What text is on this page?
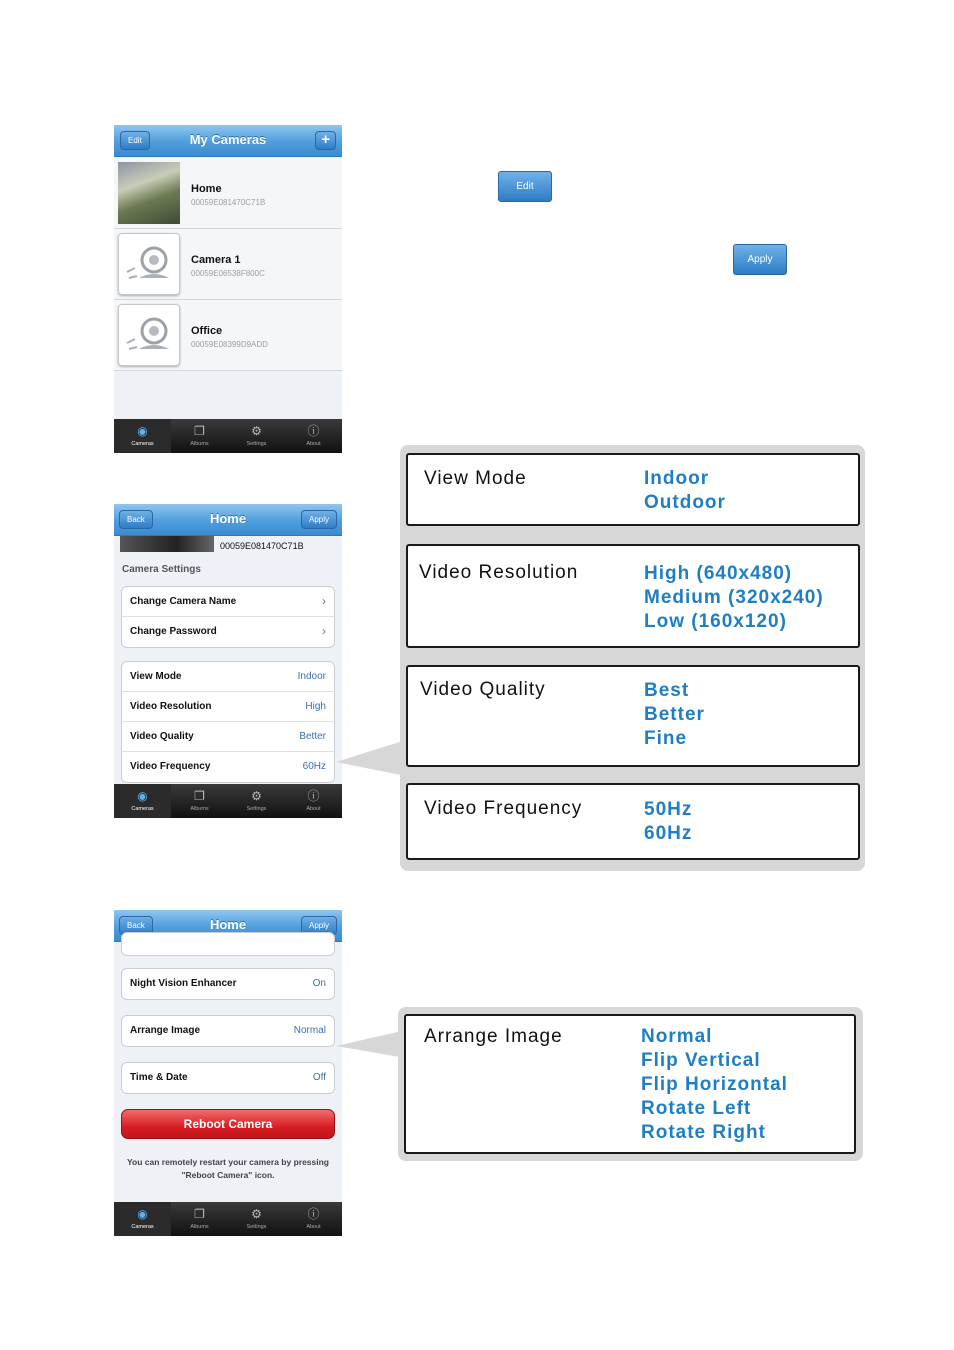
Edit	My Cameras	+
Home
00059E081470C71B
Camera 1
00059E06538F800C
Office
00059E08399D9ADD
◉
Cameras
❐
Albums
⚙
Settings
ⓘ
About
Edit
Apply
Back	Home	Apply
00059E081470C71B
Camera Settings
Change Camera Name	›
Change Password	›
View Mode	Indoor
Video Resolution	High
Video Quality	Better
Video Frequency	60Hz
◉
Cameras
❐
Albums
⚙
Settings
ⓘ
About
View Mode	Indoor
Outdoor
Video Resolution	High (640x480)
Medium (320x240)
Low (160x120)
Video Quality	Best
Better
Fine
Video Frequency	50Hz
60Hz
Back	Home	Apply
Night Vision Enhancer	On
Arrange Image	Normal
Time & Date	Off
Reboot Camera
You can remotely restart your camera by pressing "Reboot Camera" icon.
◉
Cameras
❐
Albums
⚙
Settings
ⓘ
About
Arrange Image	Normal
Flip Vertical
Flip Horizontal
Rotate Left
Rotate Right
